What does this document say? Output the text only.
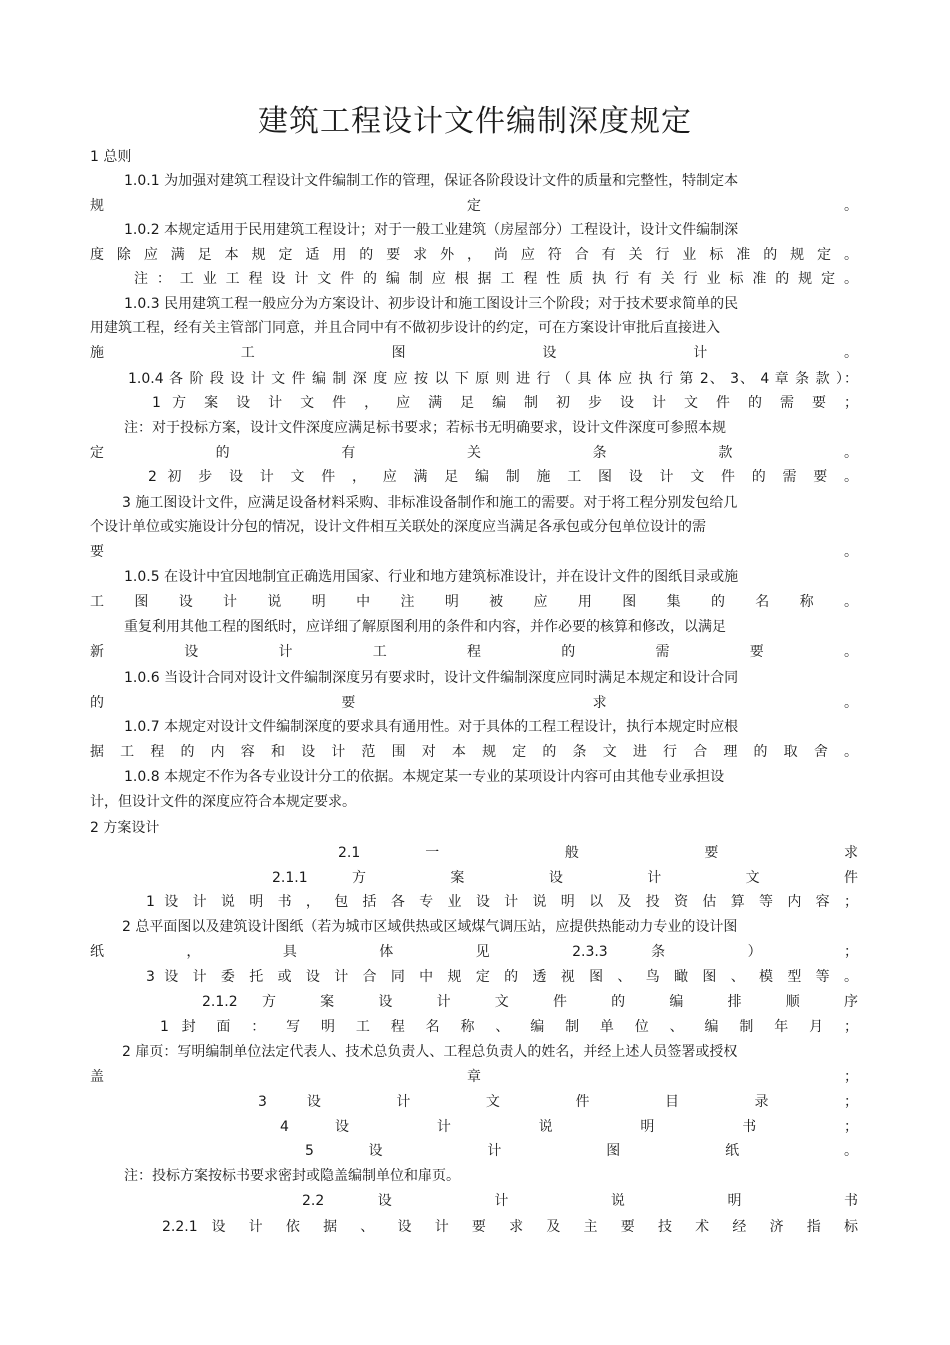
建筑工程设计文件编制深度规定
1 总则
1.0.1 为加强对建筑工程设计文件编制工作的管理，保证各阶段设计文件的质量和完整性，特制定本
规 定 。
1.0.2 本规定适用于民用建筑工程设计；对于一般工业建筑（房屋部分）工程设计，设计文件编制深
度 除 应 满 足 本 规 定 适 用 的 要 求 外 ， 尚 应 符 合 有 关 行 业 标 准 的 规 定 。
注 ： 工 业 工 程 设 计 文 件 的 编 制 应 根 据 工 程 性 质 执 行 有 关 行 业 标 准 的 规 定 。
1.0.3 民用建筑工程一般应分为方案设计、初步设计和施工图设计三个阶段；对于技术要求简单的民
用建筑工程，经有关主管部门同意，并且合同中有不做初步设计的约定，可在方案设计审批后直接进入
施 工 图 设 计 。
1.0.4 各 阶 段 设 计 文 件 编 制 深 度 应 按 以 下 原 则 进 行 （ 具 体 应 执 行 第 2、 3、 4 章 条 款 ）：
1 方 案 设 计 文 件 ， 应 满 足 编 制 初 步 设 计 文 件 的 需 要 ；
注：对于投标方案，设计文件深度应满足标书要求；若标书无明确要求，设计文件深度可参照本规
定 的 有 关 条 款 。
2 初 步 设 计 文 件 ， 应 满 足 编 制 施 工 图 设 计 文 件 的 需 要 。
3 施工图设计文件，应满足设备材料采购、非标准设备制作和施工的需要。对于将工程分别发包给几
个设计单位或实施设计分包的情况，设计文件相互关联处的深度应当满足各承包或分包单位设计的需
要 。
1.0.5 在设计中宜因地制宜正确选用国家、行业和地方建筑标准设计，并在设计文件的图纸目录或施
工 图 设 计 说 明 中 注 明 被 应 用 图 集 的 名 称 。
重复利用其他工程的图纸时，应详细了解原图利用的条件和内容，并作必要的核算和修改，以满足
新 设 计 工 程 的 需 要 。
1.0.6 当设计合同对设计文件编制深度另有要求时，设计文件编制深度应同时满足本规定和设计合同
的 要 求 。
1.0.7 本规定对设计文件编制深度的要求具有通用性。对于具体的工程工程设计，执行本规定时应根
据 工 程 的 内 容 和 设 计 范 围 对 本 规 定 的 条 文 进 行 合 理 的 取 舍 。
1.0.8 本规定不作为各专业设计分工的依据。本规定某一专业的某项设计内容可由其他专业承担设
计，但设计文件的深度应符合本规定要求。
2 方案设计
2.1 一 般 要 求
2.1.1 方 案 设 计 文 件
1 设 计 说 明 书 ， 包 括 各 专 业 设 计 说 明 以 及 投 资 估 算 等 内 容 ；
2 总平面图以及建筑设计图纸（若为城市区域供热或区域煤气调压站，应提供热能动力专业的设计图
纸 ， 具 体 见 2.3.3 条 ） ；
3 设 计 委 托 或 设 计 合 同 中 规 定 的 透 视 图 、 鸟 瞰 图 、 模 型 等 。
2.1.2 方 案 设 计 文 件 的 编 排 顺 序
1 封 面 ： 写 明 工 程 名 称 、 编 制 单 位 、 编 制 年 月 ；
2 扉页：写明编制单位法定代表人、技术总负责人、工程总负责人的姓名，并经上述人员签署或授权
盖 章 ；
3 设 计 文 件 目 录 ；
4 设 计 说 明 书 ；
5 设 计 图 纸 。
注：投标方案按标书要求密封或隐盖编制单位和扉页。
2.2 设 计 说 明 书
2.2.1 设 计 依 据 、 设 计 要 求 及 主 要 技 术 经 济 指 标
